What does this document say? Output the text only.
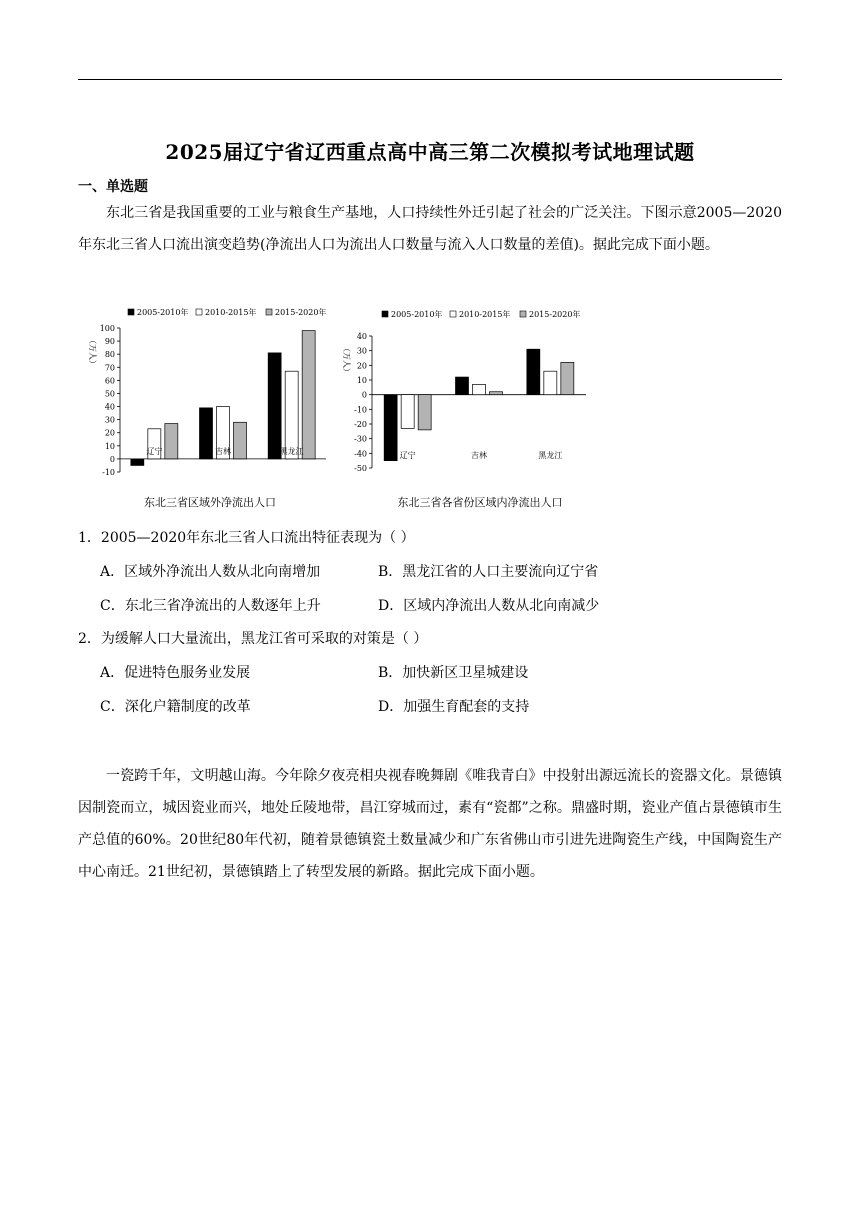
2025届辽宁省辽西重点高中高三第二次模拟考试地理试题
一、单选题
东北三省是我国重要的工业与粮食生产基地，人口持续性外迁引起了社会的广泛关注。下图示意2005—2020年东北三省人口流出演变趋势(净流出人口为流出人口数量与流入人口数量的差值)。据此完成下面小题。
2005-2010年 2010-2015年 2015-2020年
（万人）
-10
0
10
20
30
40
50
60
70
80
90
100
辽宁	吉林	黑龙江
东北三省区域外净流出人口
2005-2010年 2010-2015年 2015-2020年
（万人）
-50
-40
-30
-20
-10
0
10
20
30
40
辽宁	吉林	黑龙江
东北三省各省份区域内净流出人口
1．2005—2020年东北三省人口流出特征表现为（ ）
A．区域外净流出人数从北向南增加	B．黑龙江省的人口主要流向辽宁省
C．东北三省净流出的人数逐年上升	D．区域内净流出人数从北向南减少
2．为缓解人口大量流出，黑龙江省可采取的对策是（ ）
A．促进特色服务业发展	B．加快新区卫星城建设
C．深化户籍制度的改革	D．加强生育配套的支持
一瓷跨千年，文明越山海。今年除夕夜亮相央视春晚舞剧《唯我青白》中投射出源远流长的瓷器文化。景德镇因制瓷而立，城因瓷业而兴，地处丘陵地带，昌江穿城而过，素有“瓷都”之称。鼎盛时期，瓷业产值占景德镇市生产总值的60%。20世纪80年代初，随着景德镇瓷土数量减少和广东省佛山市引进先进陶瓷生产线，中国陶瓷生产中心南迁。21世纪初，景德镇踏上了转型发展的新路。据此完成下面小题。
